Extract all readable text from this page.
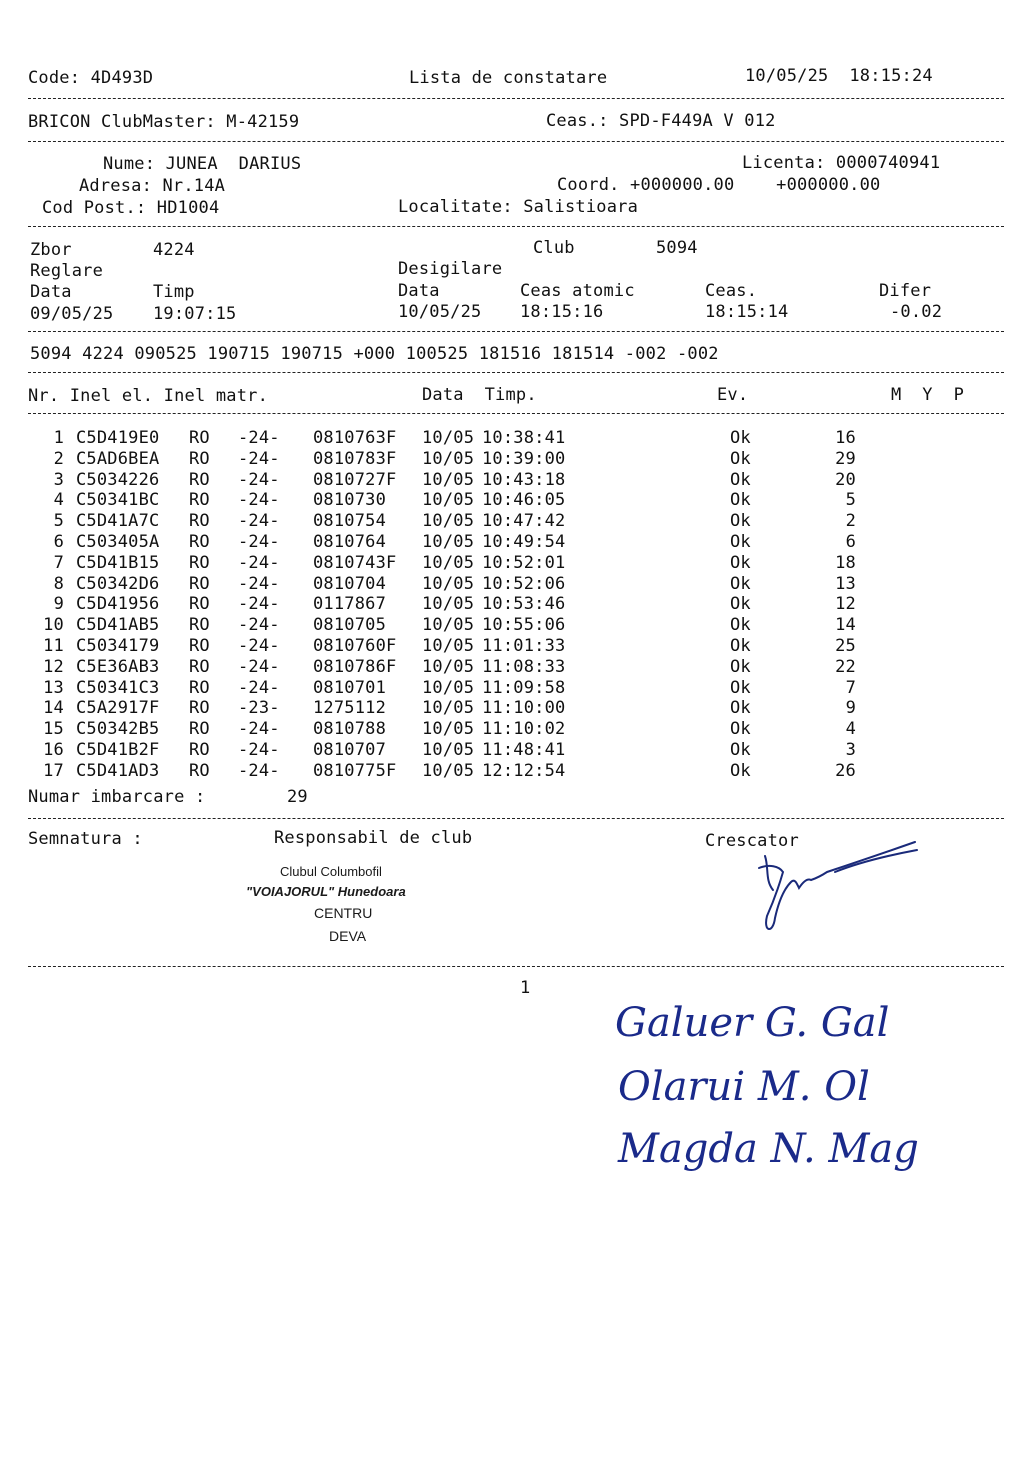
Code: 4D493D	Lista de constatare	10/05/25  18:15:24
BRICON ClubMaster: M-42159	Ceas.: SPD-F449A V 012
Nume: JUNEA  DARIUS	Licenta: 0000740941
Adresa: Nr.14A	Coord. +000000.00    +000000.00
Cod Post.: HD1004	Localitate: Salistioara
Zbor	4224	Club	5094
Reglare	Desigilare
Data	Timp	Data	Ceas atomic	Ceas.	Difer
09/05/25 19:07:15	10/05/25 18:15:16	18:15:14	-0.02
5094 4224 090525 190715 190715 +000 100525 181516 181514 -002 -002
Nr. Inel el. Inel matr.	Data  Timp.	Ev.	M  Y  P
1 C5D419E0 RO -24- 0810763F 10/05 10:38:41	Ok	16
2 C5AD6BEA RO -24- 0810783F 10/05 10:39:00	Ok	29
3 C5034226 RO -24- 0810727F 10/05 10:43:18	Ok	20
4 C50341BC RO -24- 0810730 10/05 10:46:05	Ok	5
5 C5D41A7C RO -24- 0810754 10/05 10:47:42	Ok	2
6 C503405A RO -24- 0810764 10/05 10:49:54	Ok	6
7 C5D41B15 RO -24- 0810743F 10/05 10:52:01	Ok	18
8 C50342D6 RO -24- 0810704 10/05 10:52:06	Ok	13
9 C5D41956 RO -24- 0117867 10/05 10:53:46	Ok	12
10 C5D41AB5 RO -24- 0810705 10/05 10:55:06	Ok	14
11 C5034179 RO -24- 0810760F 10/05 11:01:33	Ok	25
12 C5E36AB3 RO -24- 0810786F 10/05 11:08:33	Ok	22
13 C50341C3 RO -24- 0810701 10/05 11:09:58	Ok	7
14 C5A2917F RO -23- 1275112 10/05 11:10:00	Ok	9
15 C50342B5 RO -24- 0810788 10/05 11:10:02	Ok	4
16 C5D41B2F RO -24- 0810707 10/05 11:48:41	Ok	3
17 C5D41AD3 RO -24- 0810775F 10/05 12:12:54	Ok	26
Numar imbarcare :	29
Semnatura :	Responsabil de club	Crescator
Clubul Columbofil
"VOIAJORUL" Hunedoara
CENTRU
DEVA
1
Galuer G. Gal
Olarui M. Ol
Magda N. Mag
